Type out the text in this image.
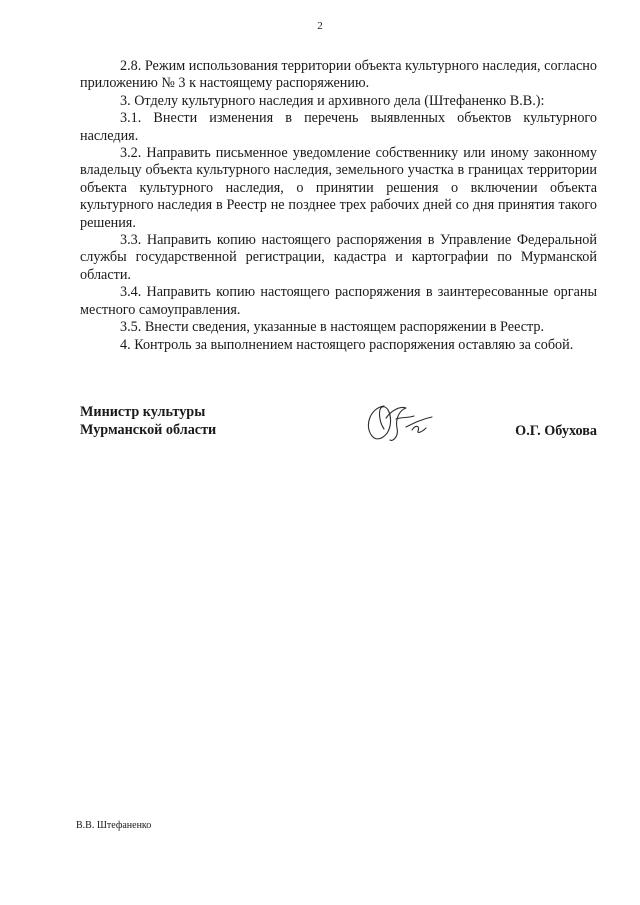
2

2.8. Режим использования территории объекта культурного наследия, согласно приложению № 3 к настоящему распоряжению.

3. Отделу культурного наследия и архивного дела (Штефаненко В.В.):

3.1. Внести изменения в перечень выявленных объектов культурного наследия.

3.2. Направить письменное уведомление собственнику или иному законному владельцу объекта культурного наследия, земельного участка в границах территории объекта культурного наследия, о принятии решения о включении объекта культурного наследия в Реестр не позднее трех рабочих дней со дня принятия такого решения.

3.3. Направить копию настоящего распоряжения в Управление Федеральной службы государственной регистрации, кадастра и картографии по Мурманской области.

3.4. Направить копию настоящего распоряжения в заинтересованные органы местного самоуправления.

3.5. Внести сведения, указанные в настоящем распоряжении в Реестр.

4. Контроль за выполнением настоящего распоряжения оставляю за собой.

Министр культуры
Мурманской области	О.Г. Обухова
В.В. Штефаненко
